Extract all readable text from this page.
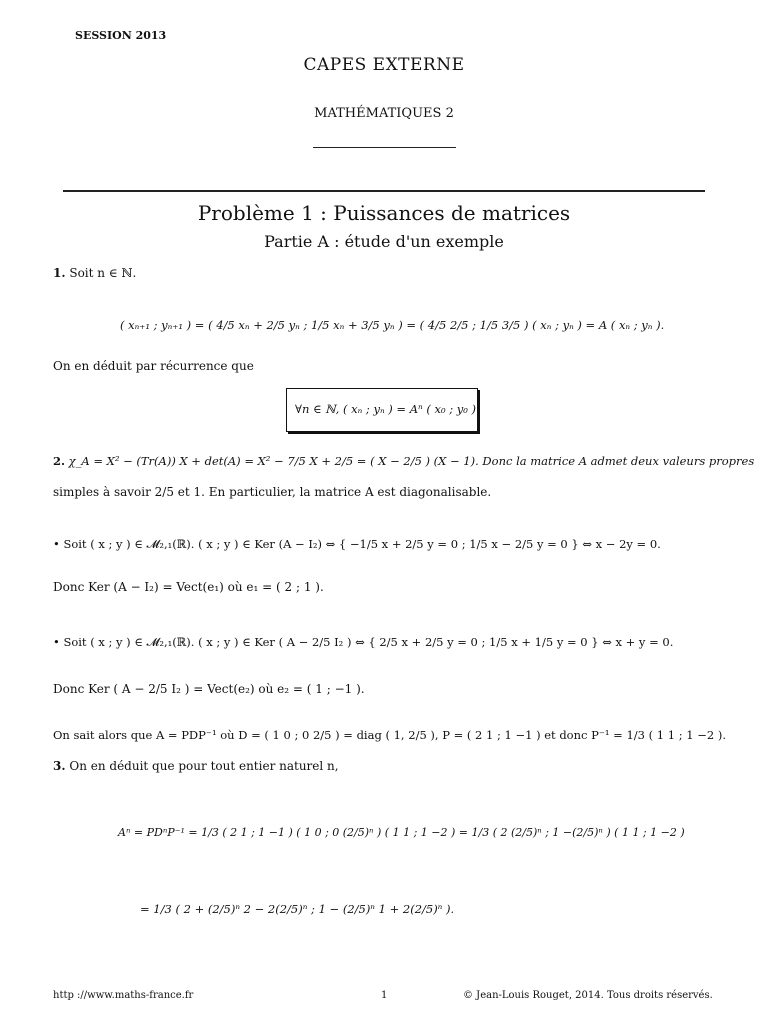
SESSION 2013
CAPES EXTERNE
MATHÉMATIQUES 2
Problème 1 : Puissances de matrices
Partie A : étude d'un exemple
1. Soit n ∈ ℕ.
( xₙ₊₁ ; yₙ₊₁ ) = ( 4/5 xₙ + 2/5 yₙ ; 1/5 xₙ + 3/5 yₙ ) = ( 4/5 2/5 ; 1/5 3/5 ) ( xₙ ; yₙ ) = A ( xₙ ; yₙ ).
On en déduit par récurrence que
∀n ∈ ℕ, ( xₙ ; yₙ ) = Aⁿ ( x₀ ; y₀ ).
2. χ_A = X² − (Tr(A)) X + det(A) = X² − 7/5 X + 2/5 = ( X − 2/5 ) (X − 1). Donc la matrice A admet deux valeurs propres
simples à savoir 2/5 et 1. En particulier, la matrice A est diagonalisable.
• Soit ( x ; y ) ∈ 𝓜₂,₁(ℝ). ( x ; y ) ∈ Ker (A − I₂) ⇔ { −1/5 x + 2/5 y = 0 ; 1/5 x − 2/5 y = 0 } ⇔ x − 2y = 0.
Donc Ker (A − I₂) = Vect(e₁) où e₁ = ( 2 ; 1 ).
• Soit ( x ; y ) ∈ 𝓜₂,₁(ℝ). ( x ; y ) ∈ Ker ( A − 2/5 I₂ ) ⇔ { 2/5 x + 2/5 y = 0 ; 1/5 x + 1/5 y = 0 } ⇔ x + y = 0.
Donc Ker ( A − 2/5 I₂ ) = Vect(e₂) où e₂ = ( 1 ; −1 ).
On sait alors que A = PDP⁻¹ où D = ( 1 0 ; 0 2/5 ) = diag ( 1, 2/5 ), P = ( 2 1 ; 1 −1 ) et donc P⁻¹ = 1/3 ( 1 1 ; 1 −2 ).
3. On en déduit que pour tout entier naturel n,
Aⁿ = PDⁿP⁻¹ = 1/3 ( 2 1 ; 1 −1 ) ( 1 0 ; 0 (2/5)ⁿ ) ( 1 1 ; 1 −2 ) = 1/3 ( 2 (2/5)ⁿ ; 1 −(2/5)ⁿ ) ( 1 1 ; 1 −2 )
= 1/3 ( 2 + (2/5)ⁿ 2 − 2(2/5)ⁿ ; 1 − (2/5)ⁿ 1 + 2(2/5)ⁿ ).
http ://www.maths-france.fr	1	© Jean-Louis Rouget, 2014. Tous droits réservés.
